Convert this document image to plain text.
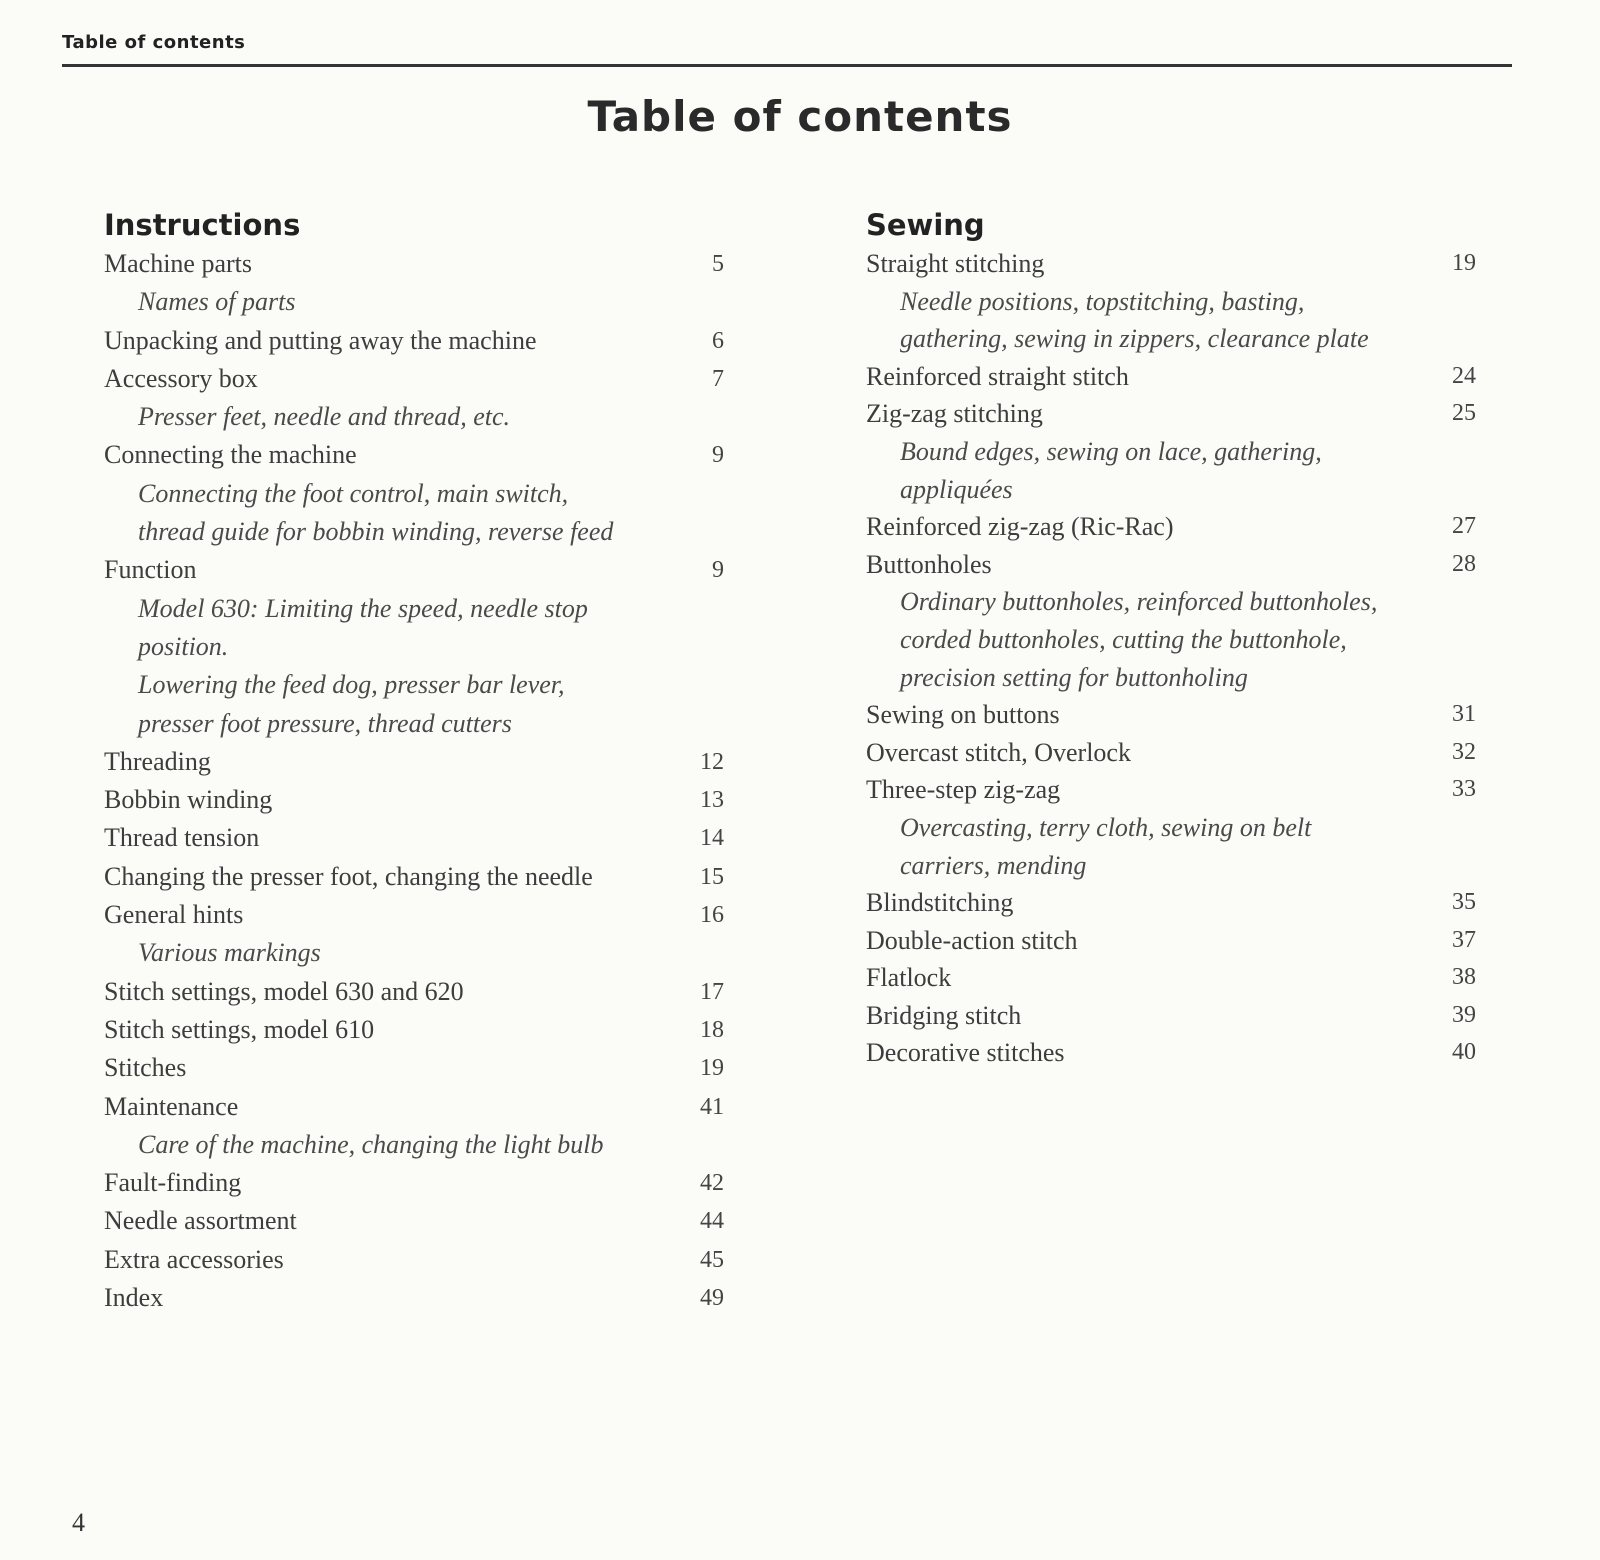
Table of contents
Table of contents
Instructions
Machine parts	5
Names of parts
Unpacking and putting away the machine	6
Accessory box	7
Presser feet, needle and thread, etc.
Connecting the machine	9
Connecting the foot control, main switch,
thread guide for bobbin winding, reverse feed
Function	9
Model 630: Limiting the speed, needle stop
position.
Lowering the feed dog, presser bar lever,
presser foot pressure, thread cutters
Threading	12
Bobbin winding	13
Thread tension	14
Changing the presser foot, changing the needle	15
General hints	16
Various markings
Stitch settings, model 630 and 620	17
Stitch settings, model 610	18
Stitches	19
Maintenance	41
Care of the machine, changing the light bulb
Fault-finding	42
Needle assortment	44
Extra accessories	45
Index	49
Sewing
Straight stitching	19
Needle positions, topstitching, basting,
gathering, sewing in zippers, clearance plate
Reinforced straight stitch	24
Zig-zag stitching	25
Bound edges, sewing on lace, gathering,
appliquées
Reinforced zig-zag (Ric-Rac)	27
Buttonholes	28
Ordinary buttonholes, reinforced buttonholes,
corded buttonholes, cutting the buttonhole,
precision setting for buttonholing
Sewing on buttons	31
Overcast stitch, Overlock	32
Three-step zig-zag	33
Overcasting, terry cloth, sewing on belt
carriers, mending
Blindstitching	35
Double-action stitch	37
Flatlock	38
Bridging stitch	39
Decorative stitches	40
4
